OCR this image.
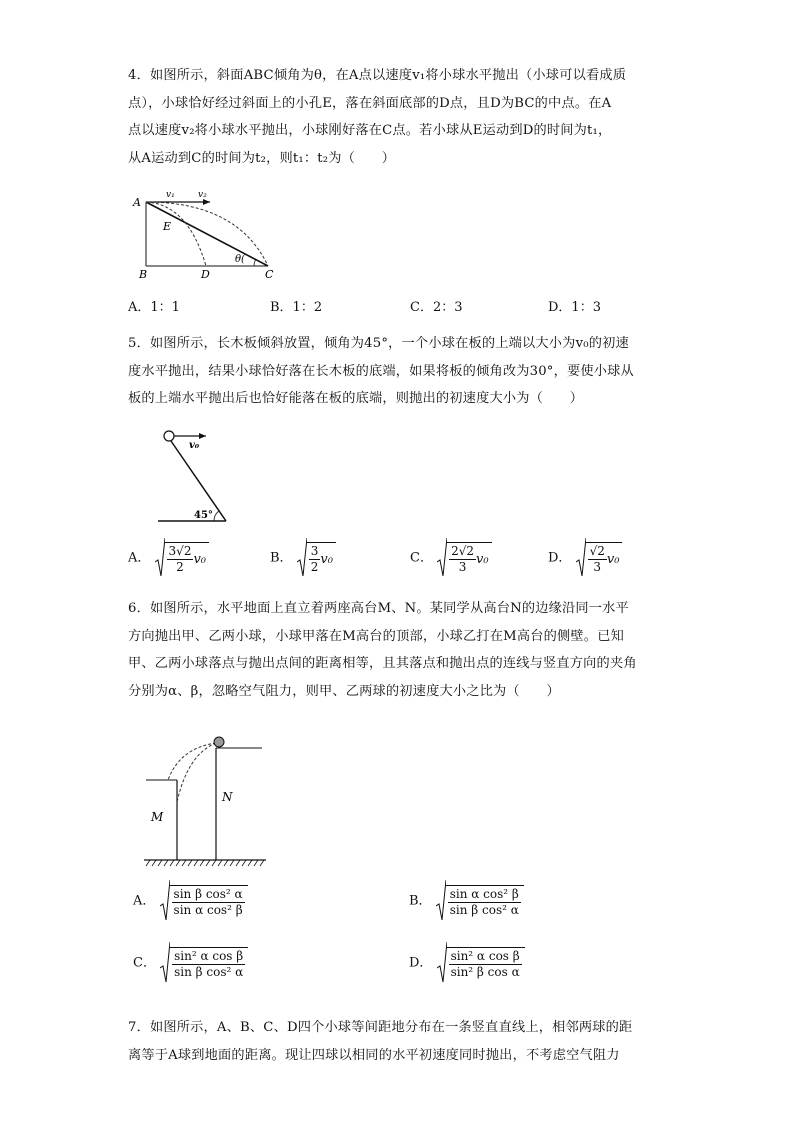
4．如图所示，斜面ABC倾角为θ，在A点以速度v₁将小球水平抛出（小球可以看成质
点），小球恰好经过斜面上的小孔E，落在斜面底部的D点，且D为BC的中点。在A
点以速度v₂将小球水平抛出，小球刚好落在C点。若小球从E运动到D的时间为t₁，
从A运动到C的时间为t₂，则t₁：t₂为（　　）
A
B	C
D
E
v₁	v₂
θ(
A．1：1	B．1：2	C．2：3	D．1：3
5．如图所示，长木板倾斜放置，倾角为45°，一个小球在板的上端以大小为v₀的初速
度水平抛出，结果小球恰好落在长木板的底端，如果将板的倾角改为30°，要使小球从
板的上端水平抛出后也恰好能落在板的底端，则抛出的初速度大小为（　　）
v₀
45°
A． $\frac{3√2}{2} v_0$	B． $\frac{3}{2} v_0$	C． $\frac{2√2}{3} v_0$	D． $\frac{√2}{3} v_0$
6．如图所示，水平地面上直立着两座高台M、N。某同学从高台N的边缘沿同一水平
方向抛出甲、乙两小球，小球甲落在M高台的顶部，小球乙打在M高台的侧壁。已知
甲、乙两小球落点与抛出点间的距离相等，且其落点和抛出点的连线与竖直方向的夹角
分别为α、β，忽略空气阻力，则甲、乙两球的初速度大小之比为（　　）
M
N
A． $\frac{\text{sin β cos² α}}{\text{sin α cos² β}}$	B． $\frac{\text{sin α cos² β}}{\text{sin β cos² α}}$
C． $\frac{\text{sin² α cos β}}{\text{sin β cos² α}}$	D． $\frac{\text{sin² α cos β}}{\text{sin² β cos α}}$
7．如图所示，A、B、C、D四个小球等间距地分布在一条竖直直线上，相邻两球的距
离等于A球到地面的距离。现让四球以相同的水平初速度同时抛出，不考虑空气阻力
